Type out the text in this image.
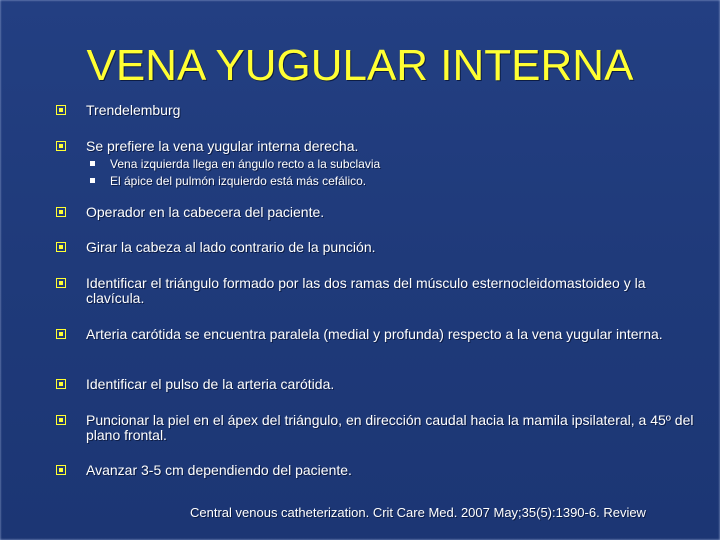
VENA YUGULAR INTERNA
Trendelemburg
Se prefiere la vena yugular interna derecha.
Vena izquierda llega en ángulo recto a la subclavia
El ápice del pulmón izquierdo está más cefálico.
Operador en la cabecera del paciente.
Girar la cabeza al lado contrario de la punción.
Identificar el triángulo formado por las dos ramas del músculo esternocleidomastoideo y la clavícula.
Arteria carótida se encuentra paralela (medial y profunda) respecto a la vena yugular interna.
Identificar el pulso de la arteria carótida.
Puncionar la piel en el ápex del triángulo, en dirección caudal hacia la mamila ipsilateral, a 45º del plano frontal.
Avanzar 3-5 cm dependiendo del paciente.
Central venous catheterization. Crit Care Med. 2007 May;35(5):1390-6. Review
